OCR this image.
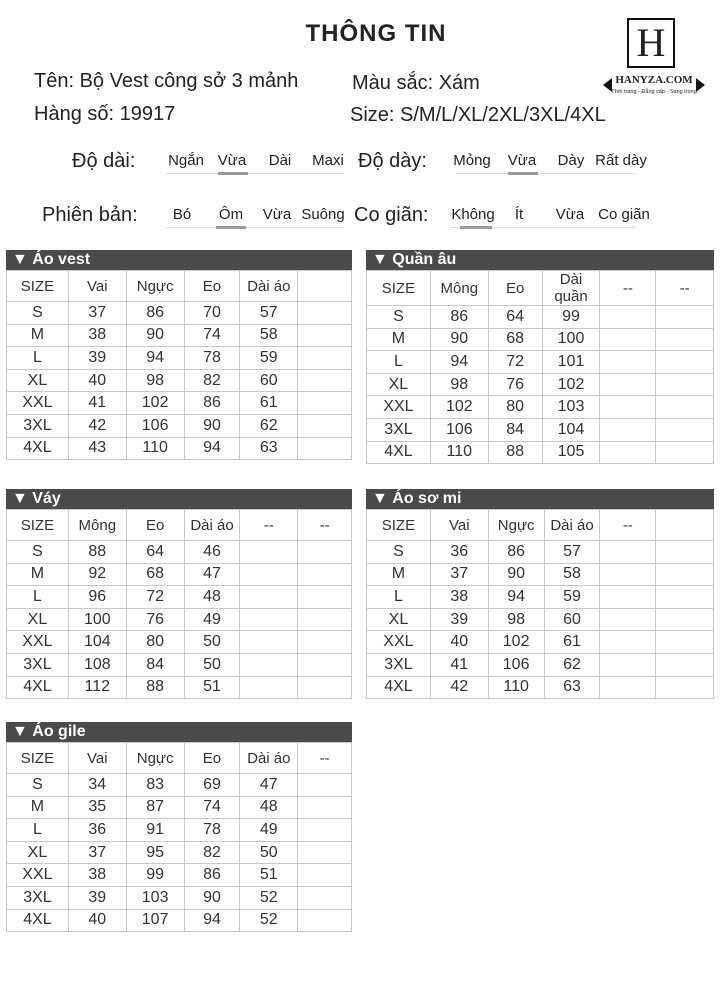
THÔNG TIN
Tên: Bộ Vest công sở 3 mảnh
Hàng số: 19917
Màu sắc: Xám
Size: S/M/L/XL/2XL/3XL/4XL
H
HANYZA.COM
Thời trang - Đẳng cấp - Sang trọng
Độ dài: Ngắn Vừa	Dài	Maxi Độ dày: Mỏng	Vừa	Dày Rất dày
Phiên bản:	Bó	Ôm	Vừa Suông Co giãn: Không	Ít	Vừa Co giãn
▼ Áo vest
SIZE	Vai	Ngực	Eo	Dài áo	
S	37	86	70	57	
M	38	90	74	58	
L	39	94	78	59	
XL	40	98	82	60	
XXL	41	102	86	61	
3XL	42	106	90	62	
4XL	43	110	94	63	
▼ Quần âu
SIZE	Mông	Eo	Dài quần	--	--
S	86	64	99		
M	90	68	100		
L	94	72	101		
XL	98	76	102		
XXL	102	80	103		
3XL	106	84	104		
4XL	110	88	105		
▼ Váy
SIZE	Mông	Eo	Dài áo	--	--
S	88	64	46		
M	92	68	47		
L	96	72	48		
XL	100	76	49		
XXL	104	80	50		
3XL	108	84	50		
4XL	112	88	51		
▼ Áo sơ mi
SIZE	Vai	Ngực	Dài áo	--	
S	36	86	57		
M	37	90	58		
L	38	94	59		
XL	39	98	60		
XXL	40	102	61		
3XL	41	106	62		
4XL	42	110	63		
▼ Áo gile
SIZE	Vai	Ngực	Eo	Dài áo	--
S	34	83	69	47	
M	35	87	74	48	
L	36	91	78	49	
XL	37	95	82	50	
XXL	38	99	86	51	
3XL	39	103	90	52	
4XL	40	107	94	52	
